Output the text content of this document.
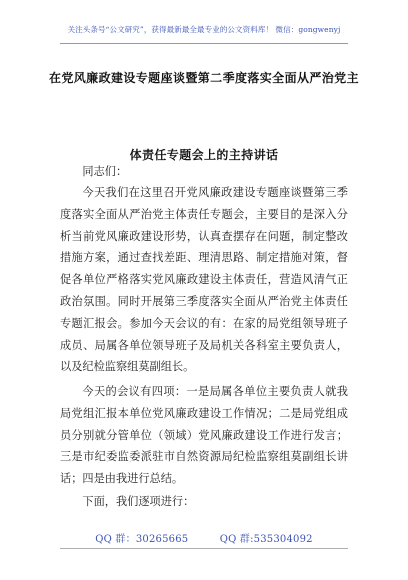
关注头条号“公文研究”，获得最新最全最专业的公文资料库！ 微信：gongwenyj
在党风廉政建设专题座谈暨第二季度落实全面从严治党主
体责任专题会上的主持讲话

同志们：

今天我们在这里召开党风廉政建设专题座谈暨第三季度落实全面从严治党主体责任专题会，主要目的是深入分析当前党风廉政建设形势，认真查摆存在问题，制定整改措施方案，通过查找差距、理清思路、制定措施对策，督促各单位严格落实党风廉政建设主体责任，营造风清气正政治氛围。同时开展第三季度落实全面从严治党主体责任专题汇报会。参加今天会议的有：在家的局党组领导班子成员、局属各单位领导班子及局机关各科室主要负责人，以及纪检监察组莫副组长。

今天的会议有四项：一是局属各单位主要负责人就我局党组汇报本单位党风廉政建设工作情况；二是局党组成员分别就分管单位（领域）党风廉政建设工作进行发言；三是市纪委监委派驻市自然资源局纪检监察组莫副组长讲话；四是由我进行总结。

下面，我们逐项进行：

QQ 群：30265665	QQ 群:535304092
